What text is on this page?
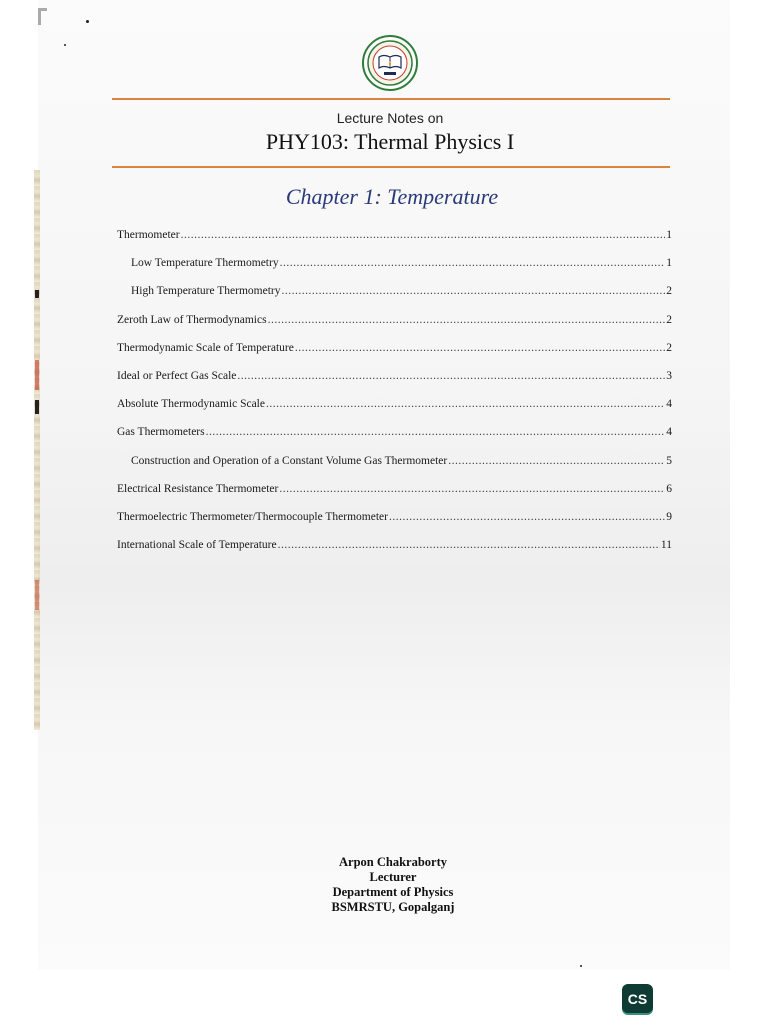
Lecture Notes on
PHY103: Thermal Physics I
Chapter 1: Temperature
Thermometer .....	1
Low Temperature Thermometry .....	1
High Temperature Thermometry .....	2
Zeroth Law of Thermodynamics .....	2
Thermodynamic Scale of Temperature .....	2
Ideal or Perfect Gas Scale .....	3
Absolute Thermodynamic Scale .....	4
Gas Thermometers .....	4
Construction and Operation of a Constant Volume Gas Thermometer .....	5
Electrical Resistance Thermometer .....	6
Thermoelectric Thermometer/Thermocouple Thermometer .....	9
International Scale of Temperature .....	11
Arpon Chakraborty
Lecturer
Department of Physics
BSMRSTU, Gopalganj
CS
